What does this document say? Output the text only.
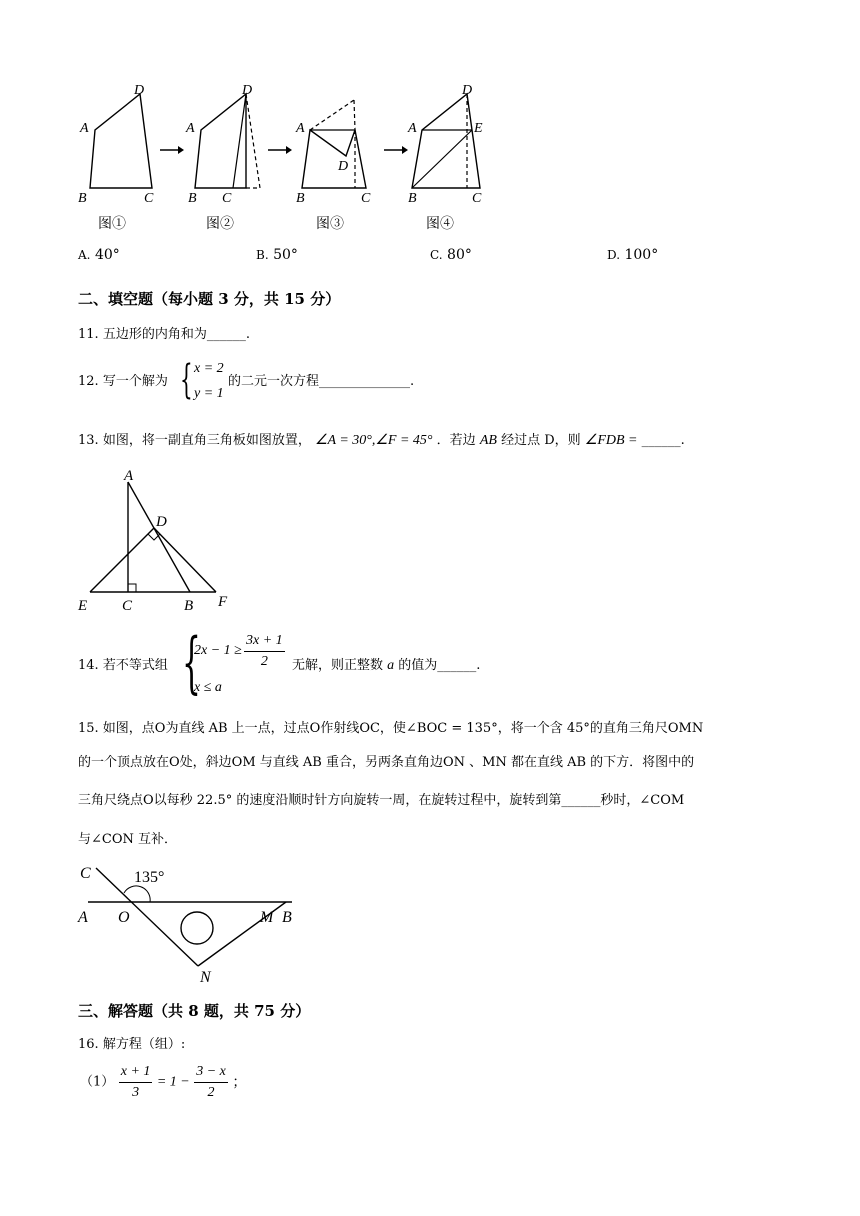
A
D
B	C
图①
A
D
B C
图②
A
D
B	C
图③
A
D
E
B	C
图④
A. 40°	B. 50°	C. 80°	D. 100°
二、填空题（每小题 3 分，共 15 分）
11. 五边形的内角和为______.
12. 写一个解为 { x = 2
y = 1
的二元一次方程______________.
13. 如图，将一副直角三角板如图放置， ∠A = 30°,∠F = 45° ．若边 AB 经过点 D，则 ∠FDB = ______.
A
D
E C	B F
14. 若不等式组 {
$2x - 1 \ge \frac{3x + 1}{2}$
x ≤ a
无解，则正整数 a 的值为______.
15. 如图，点O为直线 AB 上一点，过点O作射线OC，使∠BOC = 135°，将一个含 45°的直角三角尺OMN
的一个顶点放在O处，斜边OM 与直线 AB 重合，另两条直角边ON 、MN 都在直线 AB 的下方．将图中的
三角尺绕点O以每秒 22.5° 的速度沿顺时针方向旋转一周，在旋转过程中，旋转到第______秒时，∠COM
与∠CON 互补．
C	135°
A O	M B
N
三、解答题（共 8 题，共 75 分）
16. 解方程（组）:
$(1) \frac{x + 1}{3} = 1 - \frac{3 - x}{2}$ ；
